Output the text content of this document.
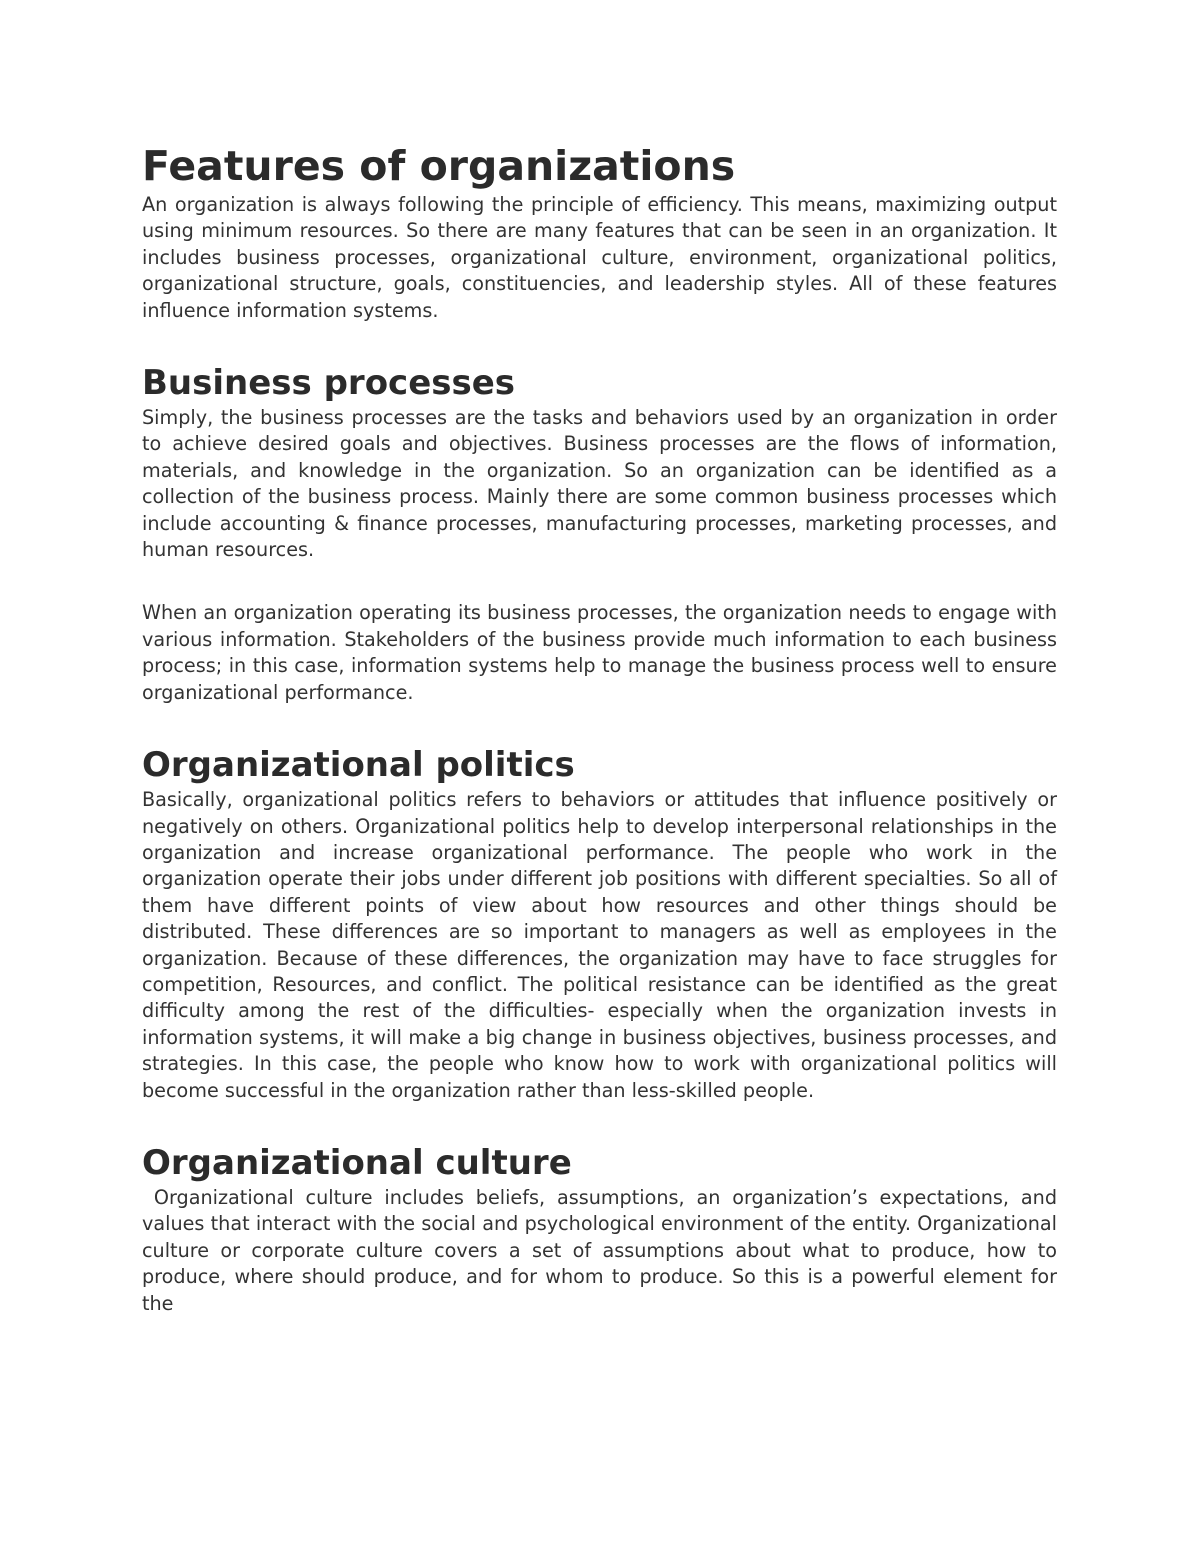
Features of organizations

An organization is always following the principle of efficiency. This means, maximizing output using minimum resources. So there are many features that can be seen in an organization. It includes business processes, organizational culture, environment, organizational politics, organizational structure, goals, constituencies, and leadership styles. All of these features influence information systems.

Business processes

Simply, the business processes are the tasks and behaviors used by an organization in order to achieve desired goals and objectives. Business processes are the flows of information, materials, and knowledge in the organization. So an organization can be identified as a collection of the business process. Mainly there are some common business processes which include accounting & finance processes, manufacturing processes, marketing processes, and human resources.

When an organization operating its business processes, the organization needs to engage with various information. Stakeholders of the business provide much information to each business process; in this case, information systems help to manage the business process well to ensure organizational performance.

Organizational politics

Basically, organizational politics refers to behaviors or attitudes that influence positively or negatively on others. Organizational politics help to develop interpersonal relationships in the organization and increase organizational performance. The people who work in the organization operate their jobs under different job positions with different specialties. So all of them have different points of view about how resources and other things should be distributed. These differences are so important to managers as well as employees in the organization. Because of these differences, the organization may have to face struggles for competition, Resources, and conflict. The political resistance can be identified as the great difficulty among the rest of the difficulties- especially when the organization invests in information systems, it will make a big change in business objectives, business processes, and strategies. In this case, the people who know how to work with organizational politics will become successful in the organization rather than less-skilled people.

Organizational culture

Organizational culture includes beliefs, assumptions, an organization’s expectations, and values that interact with the social and psychological environment of the entity. Organizational culture or corporate culture covers a set of assumptions about what to produce, how to produce, where should produce, and for whom to produce. So this is a powerful element for the
